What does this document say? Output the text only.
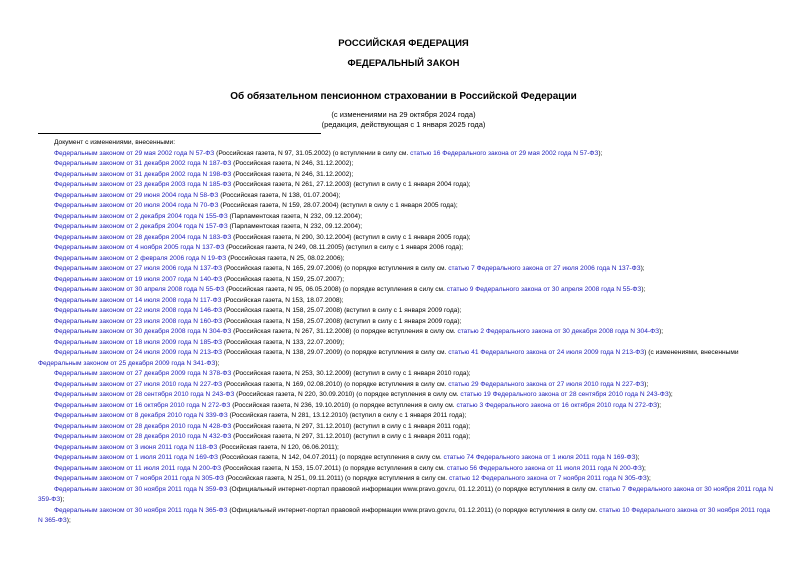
РОССИЙСКАЯ ФЕДЕРАЦИЯ
ФЕДЕРАЛЬНЫЙ ЗАКОН
Об обязательном пенсионном страховании в Российской Федерации
(с изменениями на 29 октября 2024 года)
(редакция, действующая с 1 января 2025 года)
Документ с изменениями, внесенными:
Федеральным законом от 29 мая 2002 года N 57-ФЗ (Российская газета, N 97, 31.05.2002) (о вступлении в силу см. статью 16 Федерального закона от 29 мая 2002 года N 57-ФЗ);
Федеральным законом от 31 декабря 2002 года N 187-ФЗ (Российская газета, N 246, 31.12.2002);
Федеральным законом от 31 декабря 2002 года N 198-ФЗ (Российская газета, N 246, 31.12.2002);
Федеральным законом от 23 декабря 2003 года N 185-ФЗ (Российская газета, N 261, 27.12.2003) (вступил в силу с 1 января 2004 года);
Федеральным законом от 29 июня 2004 года N 58-ФЗ (Российская газета, N 138, 01.07.2004);
Федеральным законом от 20 июля 2004 года N 70-ФЗ (Российская газета, N 159, 28.07.2004) (вступил в силу с 1 января 2005 года);
Федеральным законом от 2 декабря 2004 года N 155-ФЗ (Парламентская газета, N 232, 09.12.2004);
Федеральным законом от 2 декабря 2004 года N 157-ФЗ (Парламентская газета, N 232, 09.12.2004);
Федеральным законом от 28 декабря 2004 года N 183-ФЗ (Российская газета, N 290, 30.12.2004) (вступил в силу с 1 января 2005 года);
Федеральным законом от 4 ноября 2005 года N 137-ФЗ (Российская газета, N 249, 08.11.2005) (вступил в силу с 1 января 2006 года);
Федеральным законом от 2 февраля 2006 года N 19-ФЗ (Российская газета, N 25, 08.02.2006);
Федеральным законом от 27 июля 2006 года N 137-ФЗ (Российская газета, N 165, 29.07.2006) (о порядке вступления в силу см. статью 7 Федерального закона от 27 июля 2006 года N 137-ФЗ);
Федеральным законом от 19 июля 2007 года N 140-ФЗ (Российская газета, N 159, 25.07.2007);
Федеральным законом от 30 апреля 2008 года N 55-ФЗ (Российская газета, N 95, 06.05.2008) (о порядке вступления в силу см. статью 9 Федерального закона от 30 апреля 2008 года N 55-ФЗ);
Федеральным законом от 14 июля 2008 года N 117-ФЗ (Российская газета, N 153, 18.07.2008);
Федеральным законом от 22 июля 2008 года N 146-ФЗ (Российская газета, N 158, 25.07.2008) (вступил в силу с 1 января 2009 года);
Федеральным законом от 23 июля 2008 года N 160-ФЗ (Российская газета, N 158, 25.07.2008) (вступил в силу с 1 января 2009 года);
Федеральным законом от 30 декабря 2008 года N 304-ФЗ (Российская газета, N 267, 31.12.2008) (о порядке вступления в силу см. статью 2 Федерального закона от 30 декабря 2008 года N 304-ФЗ);
Федеральным законом от 18 июля 2009 года N 185-ФЗ (Российская газета, N 133, 22.07.2009);
Федеральным законом от 24 июля 2009 года N 213-ФЗ (Российская газета, N 138, 29.07.2009) (о порядке вступления в силу см. статью 41 Федерального закона от 24 июля 2009 года N 213-ФЗ) (с изменениями, внесенными Федеральным законом от 25 декабря 2009 года N 341-ФЗ);
Федеральным законом от 27 декабря 2009 года N 378-ФЗ (Российская газета, N 253, 30.12.2009) (вступил в силу с 1 января 2010 года);
Федеральным законом от 27 июля 2010 года N 227-ФЗ (Российская газета, N 169, 02.08.2010) (о порядке вступления в силу см. статью 29 Федерального закона от 27 июля 2010 года N 227-ФЗ);
Федеральным законом от 28 сентября 2010 года N 243-ФЗ (Российская газета, N 220, 30.09.2010) (о порядке вступления в силу см. статью 19 Федерального закона от 28 сентября 2010 года N 243-ФЗ);
Федеральным законом от 16 октября 2010 года N 272-ФЗ (Российская газета, N 236, 19.10.2010) (о порядке вступления в силу см. статью 3 Федерального закона от 16 октября 2010 года N 272-ФЗ);
Федеральным законом от 8 декабря 2010 года N 339-ФЗ (Российская газета, N 281, 13.12.2010) (вступил в силу с 1 января 2011 года);
Федеральным законом от 28 декабря 2010 года N 428-ФЗ (Российская газета, N 297, 31.12.2010) (вступил в силу с 1 января 2011 года);
Федеральным законом от 28 декабря 2010 года N 432-ФЗ (Российская газета, N 297, 31.12.2010) (вступил в силу с 1 января 2011 года);
Федеральным законом от 3 июня 2011 года N 118-ФЗ (Российская газета, N 120, 06.06.2011);
Федеральным законом от 1 июля 2011 года N 169-ФЗ (Российская газета, N 142, 04.07.2011) (о порядке вступления в силу см. статью 74 Федерального закона от 1 июля 2011 года N 169-ФЗ);
Федеральным законом от 11 июля 2011 года N 200-ФЗ (Российская газета, N 153, 15.07.2011) (о порядке вступления в силу см. статью 56 Федерального закона от 11 июля 2011 года N 200-ФЗ);
Федеральным законом от 7 ноября 2011 года N 305-ФЗ (Российская газета, N 251, 09.11.2011) (о порядке вступления в силу см. статью 12 Федерального закона от 7 ноября 2011 года N 305-ФЗ);
Федеральным законом от 30 ноября 2011 года N 359-ФЗ (Официальный интернет-портал правовой информации www.pravo.gov.ru, 01.12.2011) (о порядке вступления в силу см. статью 7 Федерального закона от 30 ноября 2011 года N 359-ФЗ);
Федеральным законом от 30 ноября 2011 года N 365-ФЗ (Официальный интернет-портал правовой информации www.pravo.gov.ru, 01.12.2011) (о порядке вступления в силу см. статью 10 Федерального закона от 30 ноября 2011 года N 365-ФЗ);
